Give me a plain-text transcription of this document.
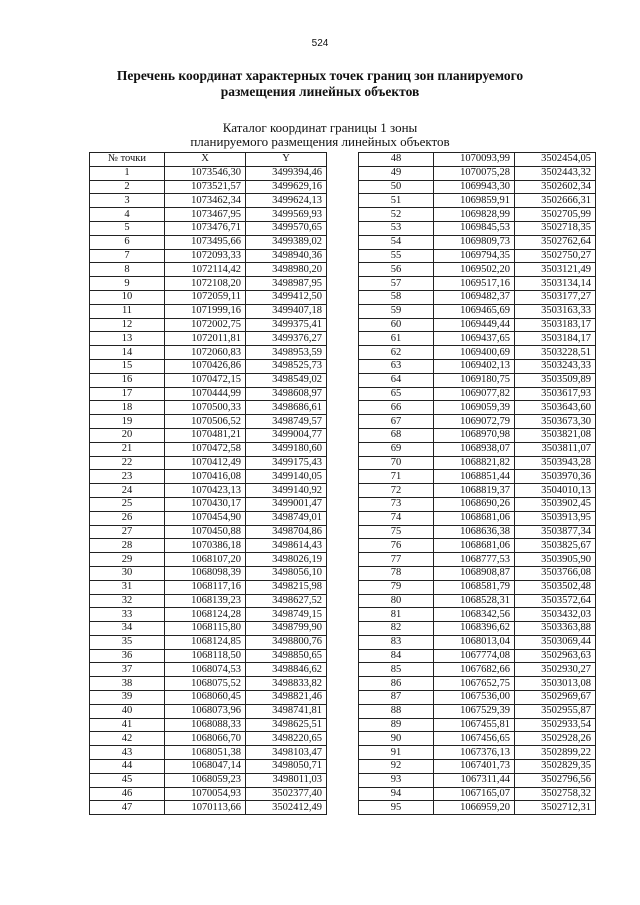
524
Перечень координат характерных точек границ зон планируемого размещения линейных объектов
Каталог координат границы 1 зоны
планируемого размещения линейных объектов
№ точки	X	Y
1	1073546,30	3499394,46
2	1073521,57	3499629,16
3	1073462,34	3499624,13
4	1073467,95	3499569,93
5	1073476,71	3499570,65
6	1073495,66	3499389,02
7	1072093,33	3498940,36
8	1072114,42	3498980,20
9	1072108,20	3498987,95
10	1072059,11	3499412,50
11	1071999,16	3499407,18
12	1072002,75	3499375,41
13	1072011,81	3499376,27
14	1072060,83	3498953,59
15	1070426,86	3498525,73
16	1070472,15	3498549,02
17	1070444,99	3498608,97
18	1070500,33	3498686,61
19	1070506,52	3498749,57
20	1070481,21	3499004,77
21	1070472,58	3499180,60
22	1070412,49	3499175,43
23	1070416,08	3499140,05
24	1070423,13	3499140,92
25	1070430,17	3499001,47
26	1070454,90	3498749,01
27	1070450,88	3498704,86
28	1070386,18	3498614,43
29	1068107,20	3498026,19
30	1068098,39	3498056,10
31	1068117,16	3498215,98
32	1068139,23	3498627,52
33	1068124,28	3498749,15
34	1068115,80	3498799,90
35	1068124,85	3498800,76
36	1068118,50	3498850,65
37	1068074,53	3498846,62
38	1068075,52	3498833,82
39	1068060,45	3498821,46
40	1068073,96	3498741,81
41	1068088,33	3498625,51
42	1068066,70	3498220,65
43	1068051,38	3498103,47
44	1068047,14	3498050,71
45	1068059,23	3498011,03
46	1070054,93	3502377,40
47	1070113,66	3502412,49
48	1070093,99	3502454,05
49	1070075,28	3502443,32
50	1069943,30	3502602,34
51	1069859,91	3502666,31
52	1069828,99	3502705,99
53	1069845,53	3502718,35
54	1069809,73	3502762,64
55	1069794,35	3502750,27
56	1069502,20	3503121,49
57	1069517,16	3503134,14
58	1069482,37	3503177,27
59	1069465,69	3503163,33
60	1069449,44	3503183,17
61	1069437,65	3503184,17
62	1069400,69	3503228,51
63	1069402,13	3503243,33
64	1069180,75	3503509,89
65	1069077,82	3503617,93
66	1069059,39	3503643,60
67	1069072,79	3503673,30
68	1068970,98	3503821,08
69	1068938,07	3503811,07
70	1068821,82	3503943,28
71	1068851,44	3503970,36
72	1068819,37	3504010,13
73	1068690,26	3503902,45
74	1068681,06	3503913,95
75	1068636,38	3503877,34
76	1068681,06	3503825,67
77	1068777,53	3503905,90
78	1068908,87	3503766,08
79	1068581,79	3503502,48
80	1068528,31	3503572,64
81	1068342,56	3503432,03
82	1068396,62	3503363,88
83	1068013,04	3503069,44
84	1067774,08	3502963,63
85	1067682,66	3502930,27
86	1067652,75	3503013,08
87	1067536,00	3502969,67
88	1067529,39	3502955,87
89	1067455,81	3502933,54
90	1067456,65	3502928,26
91	1067376,13	3502899,22
92	1067401,73	3502829,35
93	1067311,44	3502796,56
94	1067165,07	3502758,32
95	1066959,20	3502712,31
